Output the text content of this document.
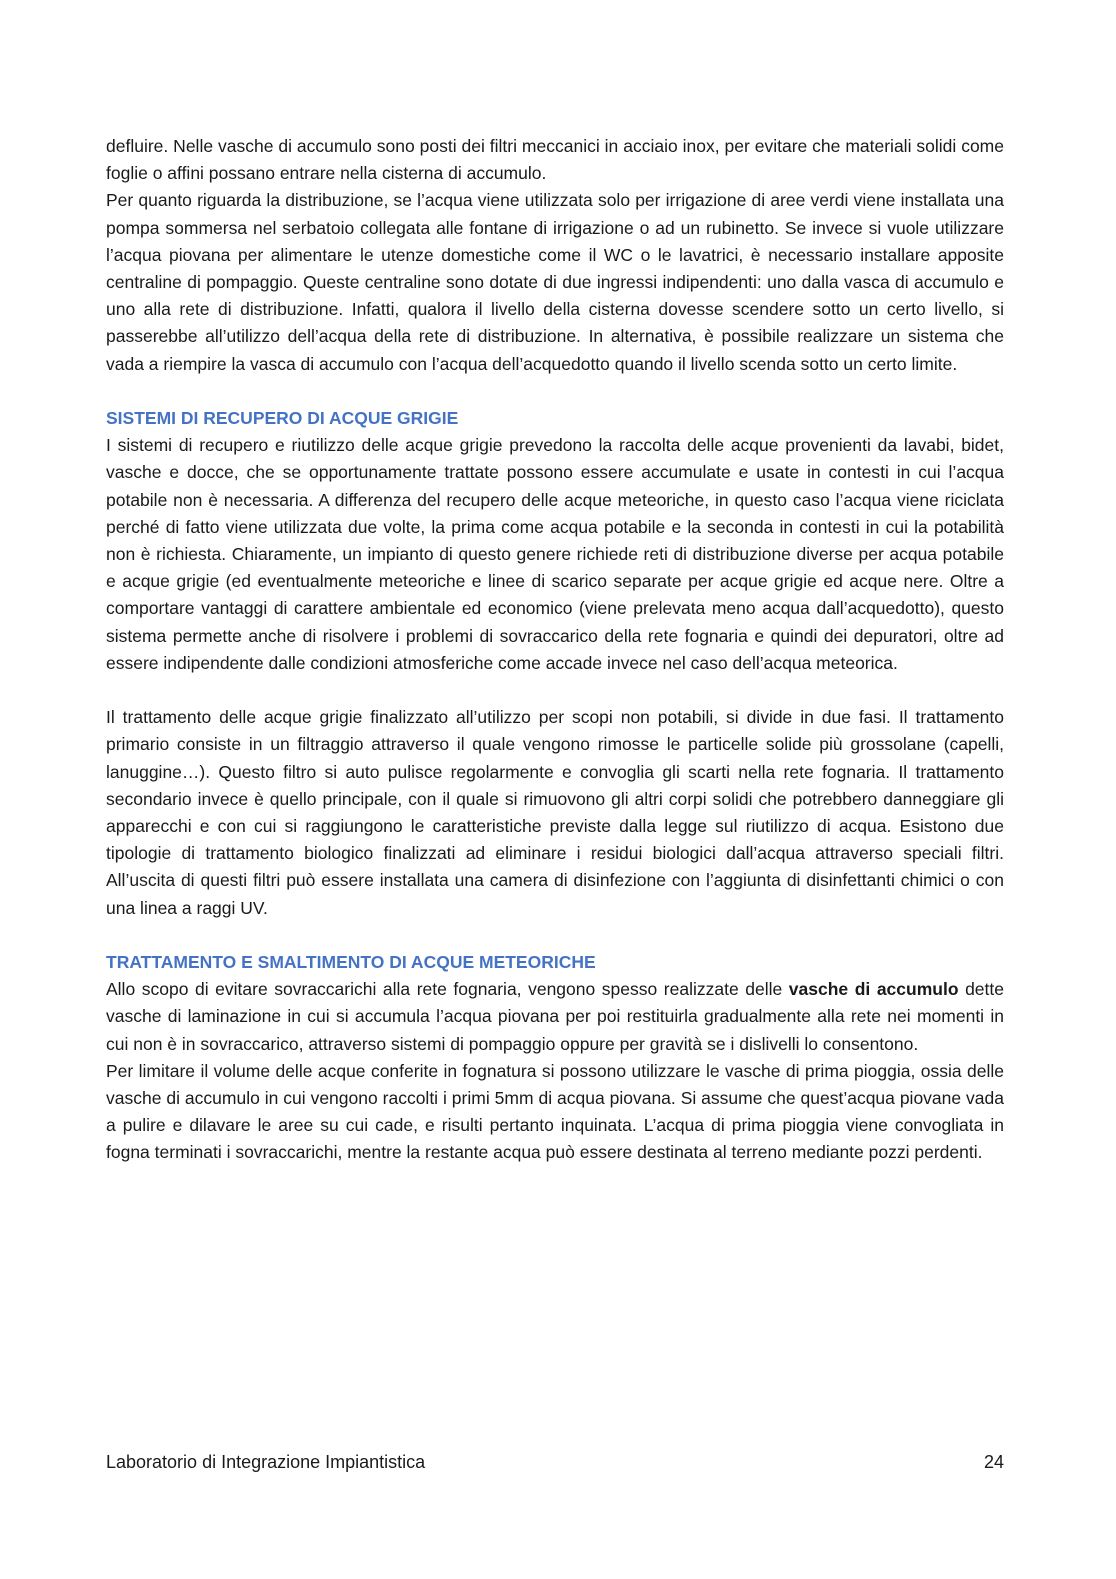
defluire. Nelle vasche di accumulo sono posti dei filtri meccanici in acciaio inox, per evitare che materiali solidi come foglie o affini possano entrare nella cisterna di accumulo.

Per quanto riguarda la distribuzione, se l’acqua viene utilizzata solo per irrigazione di aree verdi viene installata una pompa sommersa nel serbatoio collegata alle fontane di irrigazione o ad un rubinetto. Se invece si vuole utilizzare l’acqua piovana per alimentare le utenze domestiche come il WC o le lavatrici, è necessario installare apposite centraline di pompaggio. Queste centraline sono dotate di due ingressi indipendenti: uno dalla vasca di accumulo e uno alla rete di distribuzione. Infatti, qualora il livello della cisterna dovesse scendere sotto un certo livello, si passerebbe all’utilizzo dell’acqua della rete di distribuzione. In alternativa, è possibile realizzare un sistema che vada a riempire la vasca di accumulo con l’acqua dell’acquedotto quando il livello scenda sotto un certo limite.

SISTEMI DI RECUPERO DI ACQUE GRIGIE

I sistemi di recupero e riutilizzo delle acque grigie prevedono la raccolta delle acque provenienti da lavabi, bidet, vasche e docce, che se opportunamente trattate possono essere accumulate e usate in contesti in cui l’acqua potabile non è necessaria. A differenza del recupero delle acque meteoriche, in questo caso l’acqua viene riciclata perché di fatto viene utilizzata due volte, la prima come acqua potabile e la seconda in contesti in cui la potabilità non è richiesta. Chiaramente, un impianto di questo genere richiede reti di distribuzione diverse per acqua potabile e acque grigie (ed eventualmente meteoriche e linee di scarico separate per acque grigie ed acque nere. Oltre a comportare vantaggi di carattere ambientale ed economico (viene prelevata meno acqua dall’acquedotto), questo sistema permette anche di risolvere i problemi di sovraccarico della rete fognaria e quindi dei depuratori, oltre ad essere indipendente dalle condizioni atmosferiche come accade invece nel caso dell’acqua meteorica.

Il trattamento delle acque grigie finalizzato all’utilizzo per scopi non potabili, si divide in due fasi. Il trattamento primario consiste in un filtraggio attraverso il quale vengono rimosse le particelle solide più grossolane (capelli, lanuggine…). Questo filtro si auto pulisce regolarmente e convoglia gli scarti nella rete fognaria. Il trattamento secondario invece è quello principale, con il quale si rimuovono gli altri corpi solidi che potrebbero danneggiare gli apparecchi e con cui si raggiungono le caratteristiche previste dalla legge sul riutilizzo di acqua. Esistono due tipologie di trattamento biologico finalizzati ad eliminare i residui biologici dall’acqua attraverso speciali filtri. All’uscita di questi filtri può essere installata una camera di disinfezione con l’aggiunta di disinfettanti chimici o con una linea a raggi UV.

TRATTAMENTO E SMALTIMENTO DI ACQUE METEORICHE

Allo scopo di evitare sovraccarichi alla rete fognaria, vengono spesso realizzate delle vasche di accumulo dette vasche di laminazione in cui si accumula l’acqua piovana per poi restituirla gradualmente alla rete nei momenti in cui non è in sovraccarico, attraverso sistemi di pompaggio oppure per gravità se i dislivelli lo consentono.

Per limitare il volume delle acque conferite in fognatura si possono utilizzare le vasche di prima pioggia, ossia delle vasche di accumulo in cui vengono raccolti i primi 5mm di acqua piovana. Si assume che quest’acqua piovane vada a pulire e dilavare le aree su cui cade, e risulti pertanto inquinata. L’acqua di prima pioggia viene convogliata in fogna terminati i sovraccarichi, mentre la restante acqua può essere destinata al terreno mediante pozzi perdenti.

Laboratorio di Integrazione Impiantistica	24
